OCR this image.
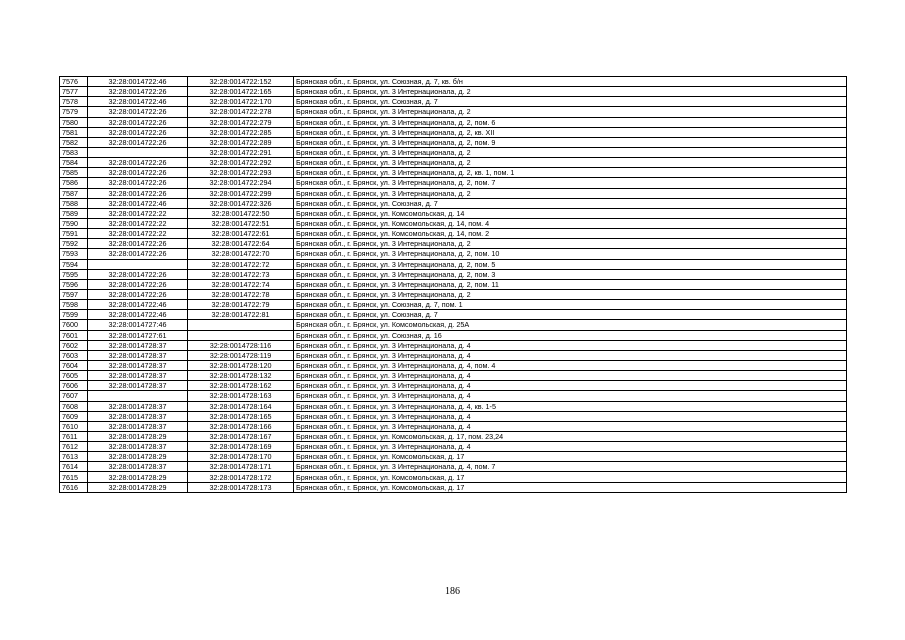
7576	32:28:0014722:46	32:28:0014722:152	Брянская обл., г. Брянск, ул. Союзная, д. 7, кв. б/н
7577	32:28:0014722:26	32:28:0014722:165	Брянская обл., г. Брянск, ул. 3 Интернационала, д. 2
7578	32:28:0014722:46	32:28:0014722:170	Брянская обл., г. Брянск, ул. Союзная, д. 7
7579	32:28:0014722:26	32:28:0014722:278	Брянская обл., г. Брянск, ул. 3 Интернационала, д. 2
7580	32:28:0014722:26	32:28:0014722:279	Брянская обл., г. Брянск, ул. 3 Интернационала, д. 2, пом. 6
7581	32:28:0014722:26	32:28:0014722:285	Брянская обл., г. Брянск, ул. 3 Интернационала, д. 2, кв. XII
7582	32:28:0014722:26	32:28:0014722:289	Брянская обл., г. Брянск, ул. 3 Интернационала, д. 2, пом. 9
7583		32:28:0014722:291	Брянская обл., г. Брянск, ул. 3 Интернационала, д. 2
7584	32:28:0014722:26	32:28:0014722:292	Брянская обл., г. Брянск, ул. 3 Интернационала, д. 2
7585	32:28:0014722:26	32:28:0014722:293	Брянская обл., г. Брянск, ул. 3 Интернационала, д. 2, кв. 1, пом. 1
7586	32:28:0014722:26	32:28:0014722:294	Брянская обл., г. Брянск, ул. 3 Интернационала, д. 2, пом. 7
7587	32:28:0014722:26	32:28:0014722:299	Брянская обл., г. Брянск, ул. 3 Интернационала, д. 2
7588	32:28:0014722:46	32:28:0014722:326	Брянская обл., г. Брянск, ул. Союзная, д. 7
7589	32:28:0014722:22	32:28:0014722:50	Брянская обл., г. Брянск, ул. Комсомольская, д. 14
7590	32:28:0014722:22	32:28:0014722:51	Брянская обл., г. Брянск, ул. Комсомольская, д. 14, пом. 4
7591	32:28:0014722:22	32:28:0014722:61	Брянская обл., г. Брянск, ул. Комсомольская, д. 14, пом. 2
7592	32:28:0014722:26	32:28:0014722:64	Брянская обл., г. Брянск, ул. 3 Интернационала, д. 2
7593	32:28:0014722:26	32:28:0014722:70	Брянская обл., г. Брянск, ул. 3 Интернационала, д. 2, пом. 10
7594		32:28:0014722:72	Брянская обл., г. Брянск, ул. 3 Интернационала, д. 2, пом. 5
7595	32:28:0014722:26	32:28:0014722:73	Брянская обл., г. Брянск, ул. 3 Интернационала, д. 2, пом. 3
7596	32:28:0014722:26	32:28:0014722:74	Брянская обл., г. Брянск, ул. 3 Интернационала, д. 2, пом. 11
7597	32:28:0014722:26	32:28:0014722:78	Брянская обл., г. Брянск, ул. 3 Интернационала, д. 2
7598	32:28:0014722:46	32:28:0014722:79	Брянская обл., г. Брянск, ул. Союзная, д. 7, пом. 1
7599	32:28:0014722:46	32:28:0014722:81	Брянская обл., г. Брянск, ул. Союзная, д. 7
7600	32:28:0014727:46		Брянская обл., г. Брянск, ул. Комсомольская, д. 25А
7601	32:28:0014727:61		Брянская обл., г. Брянск, ул. Союзная, д. 16
7602	32:28:0014728:37	32:28:0014728:116	Брянская обл., г. Брянск, ул. 3 Интернационала, д. 4
7603	32:28:0014728:37	32:28:0014728:119	Брянская обл., г. Брянск, ул. 3 Интернационала, д. 4
7604	32:28:0014728:37	32:28:0014728:120	Брянская обл., г. Брянск, ул. 3 Интернационала, д. 4, пом. 4
7605	32:28:0014728:37	32:28:0014728:132	Брянская обл., г. Брянск, ул. 3 Интернационала, д. 4
7606	32:28:0014728:37	32:28:0014728:162	Брянская обл., г. Брянск, ул. 3 Интернационала, д. 4
7607		32:28:0014728:163	Брянская обл., г. Брянск, ул. 3 Интернационала, д. 4
7608	32:28:0014728:37	32:28:0014728:164	Брянская обл., г. Брянск, ул. 3 Интернационала, д. 4, кв. 1-5
7609	32:28:0014728:37	32:28:0014728:165	Брянская обл., г. Брянск, ул. 3 Интернационала, д. 4
7610	32:28:0014728:37	32:28:0014728:166	Брянская обл., г. Брянск, ул. 3 Интернационала, д. 4
7611	32:28:0014728:29	32:28:0014728:167	Брянская обл., г. Брянск, ул. Комсомольская, д. 17, пом. 23,24
7612	32:28:0014728:37	32:28:0014728:169	Брянская обл., г. Брянск, ул. 3 Интернационала, д. 4
7613	32:28:0014728:29	32:28:0014728:170	Брянская обл., г. Брянск, ул. Комсомольская, д. 17
7614	32:28:0014728:37	32:28:0014728:171	Брянская обл., г. Брянск, ул. 3 Интернационала, д. 4, пом. 7
7615	32:28:0014728:29	32:28:0014728:172	Брянская обл., г. Брянск, ул. Комсомольская, д. 17
7616	32:28:0014728:29	32:28:0014728:173	Брянская обл., г. Брянск, ул. Комсомольская, д. 17
186
